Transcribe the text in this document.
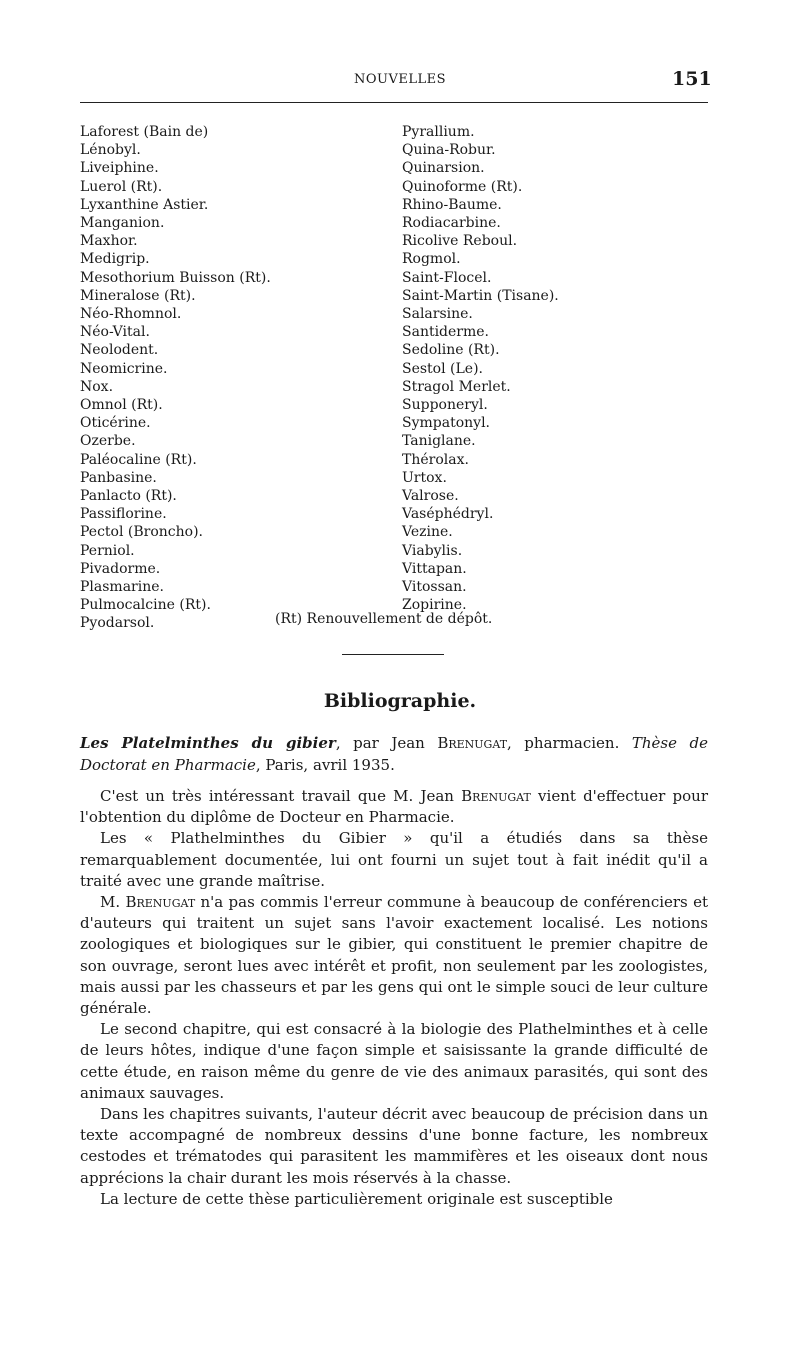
NOUVELLES	151
Laforest (Bain de)
Lénobyl.
Liveiphine.
Luerol (Rt).
Lyxanthine Astier.
Manganion.
Maxhor.
Medigrip.
Mesothorium Buisson (Rt).
Mineralose (Rt).
Néo-Rhomnol.
Néo-Vital.
Neolodent.
Neomicrine.
Nox.
Omnol (Rt).
Oticérine.
Ozerbe.
Paléocaline (Rt).
Panbasine.
Panlacto (Rt).
Passiflorine.
Pectol (Broncho).
Perniol.
Pivadorme.
Plasmarine.
Pulmocalcine (Rt).
Pyodarsol.
Pyrallium.
Quina-Robur.
Quinarsion.
Quinoforme (Rt).
Rhino-Baume.
Rodiacarbine.
Ricolive Reboul.
Rogmol.
Saint-Flocel.
Saint-Martin (Tisane).
Salarsine.
Santiderme.
Sedoline (Rt).
Sestol (Le).
Stragol Merlet.
Supponeryl.
Sympatonyl.
Taniglane.
Thérolax.
Urtox.
Valrose.
Vaséphédryl.
Vezine.
Viabylis.
Vittapan.
Vitossan.
Zopirine.
(Rt) Renouvellement de dépôt.
Bibliographie.
Les Platelminthes du gibier, par Jean Brenugat, pharmacien. Thèse de Doctorat en Pharmacie, Paris, avril 1935.

C'est un très intéressant travail que M. Jean Brenugat vient d'effectuer pour l'obtention du diplôme de Docteur en Pharmacie.

Les « Plathelminthes du Gibier » qu'il a étudiés dans sa thèse remarquablement documentée, lui ont fourni un sujet tout à fait inédit qu'il a traité avec une grande maîtrise.

M. Brenugat n'a pas commis l'erreur commune à beaucoup de conférenciers et d'auteurs qui traitent un sujet sans l'avoir exactement localisé. Les notions zoologiques et biologiques sur le gibier, qui constituent le premier chapitre de son ouvrage, seront lues avec intérêt et profit, non seulement par les zoologistes, mais aussi par les chasseurs et par les gens qui ont le simple souci de leur culture générale.

Le second chapitre, qui est consacré à la biologie des Plathelminthes et à celle de leurs hôtes, indique d'une façon simple et saisissante la grande difficulté de cette étude, en raison même du genre de vie des animaux parasités, qui sont des animaux sauvages.

Dans les chapitres suivants, l'auteur décrit avec beaucoup de précision dans un texte accompagné de nombreux dessins d'une bonne facture, les nombreux cestodes et trématodes qui parasitent les mammifères et les oiseaux dont nous apprécions la chair durant les mois réservés à la chasse.

La lecture de cette thèse particulièrement originale est susceptible
